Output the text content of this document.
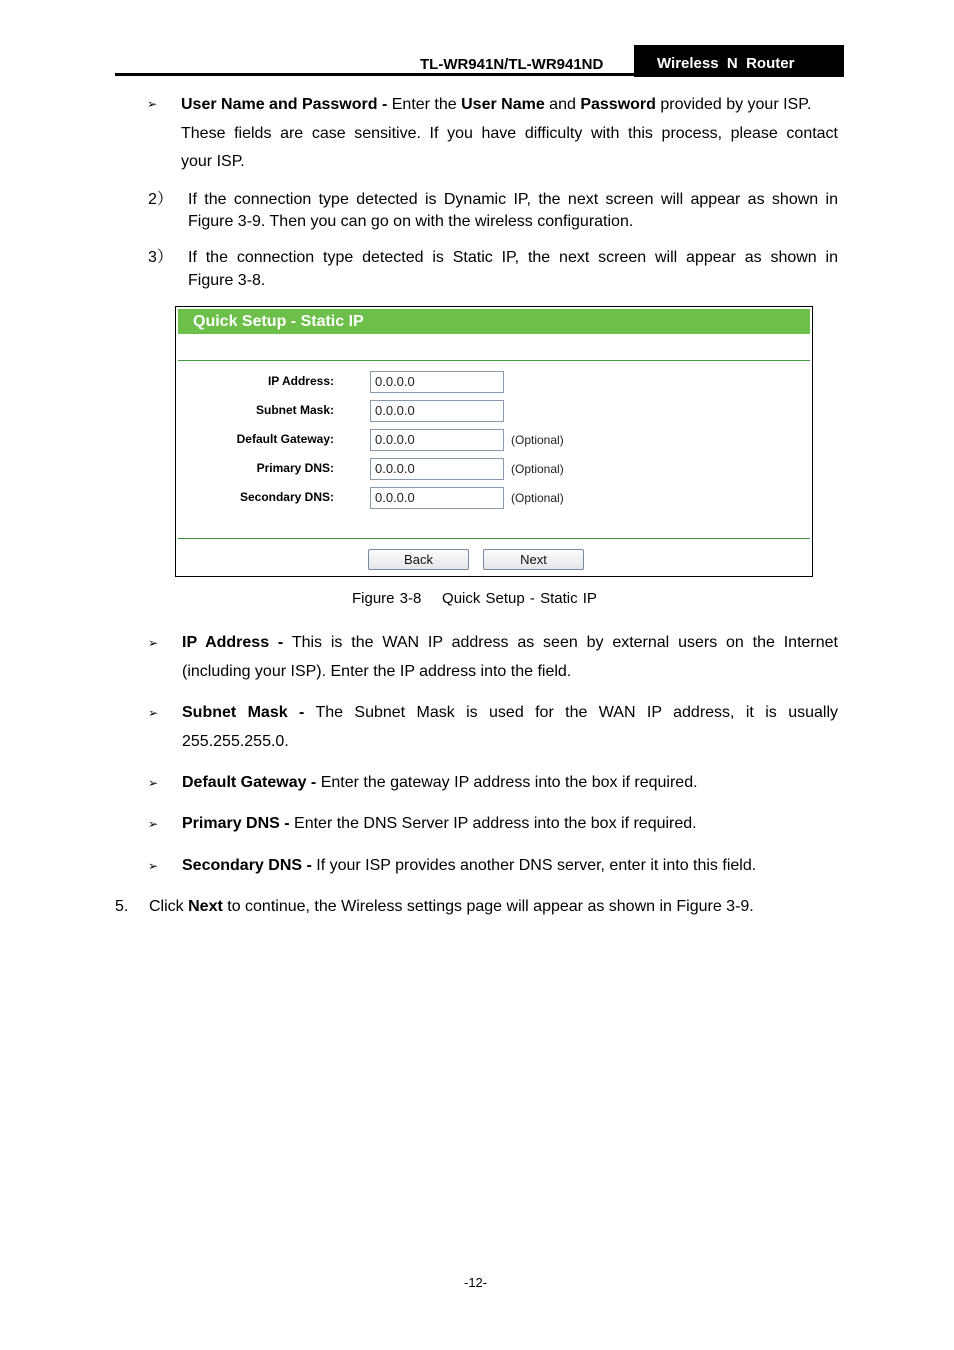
TL-WR941N/TL-WR941ND	Wireless  N  Router
➢ User Name and Password - Enter the User Name and Password provided by your ISP.
These fields are case sensitive. If you have difficulty with this process, please contact
your ISP.
2） If the connection type detected is Dynamic IP, the next screen will appear as shown in
Figure 3-9. Then you can go on with the wireless configuration.
3） If the connection type detected is Static IP, the next screen will appear as shown in
Figure 3-8.
Quick Setup - Static IP
IP Address:	0.0.0.0
Subnet Mask:	0.0.0.0
Default Gateway:	0.0.0.0	(Optional)
Primary DNS:	0.0.0.0	(Optional)
Secondary DNS:	0.0.0.0	(Optional)
Back	Next
Figure 3-8    Quick Setup - Static IP
➢ IP Address - This is the WAN IP address as seen by external users on the Internet
(including your ISP). Enter the IP address into the field.
➢ Subnet Mask - The Subnet Mask is used for the WAN IP address, it is usually
255.255.255.0.
➢ Default Gateway - Enter the gateway IP address into the box if required.
➢ Primary DNS - Enter the DNS Server IP address into the box if required.
➢ Secondary DNS - If your ISP provides another DNS server, enter it into this field.
5. Click Next to continue, the Wireless settings page will appear as shown in Figure 3-9.
-12-
